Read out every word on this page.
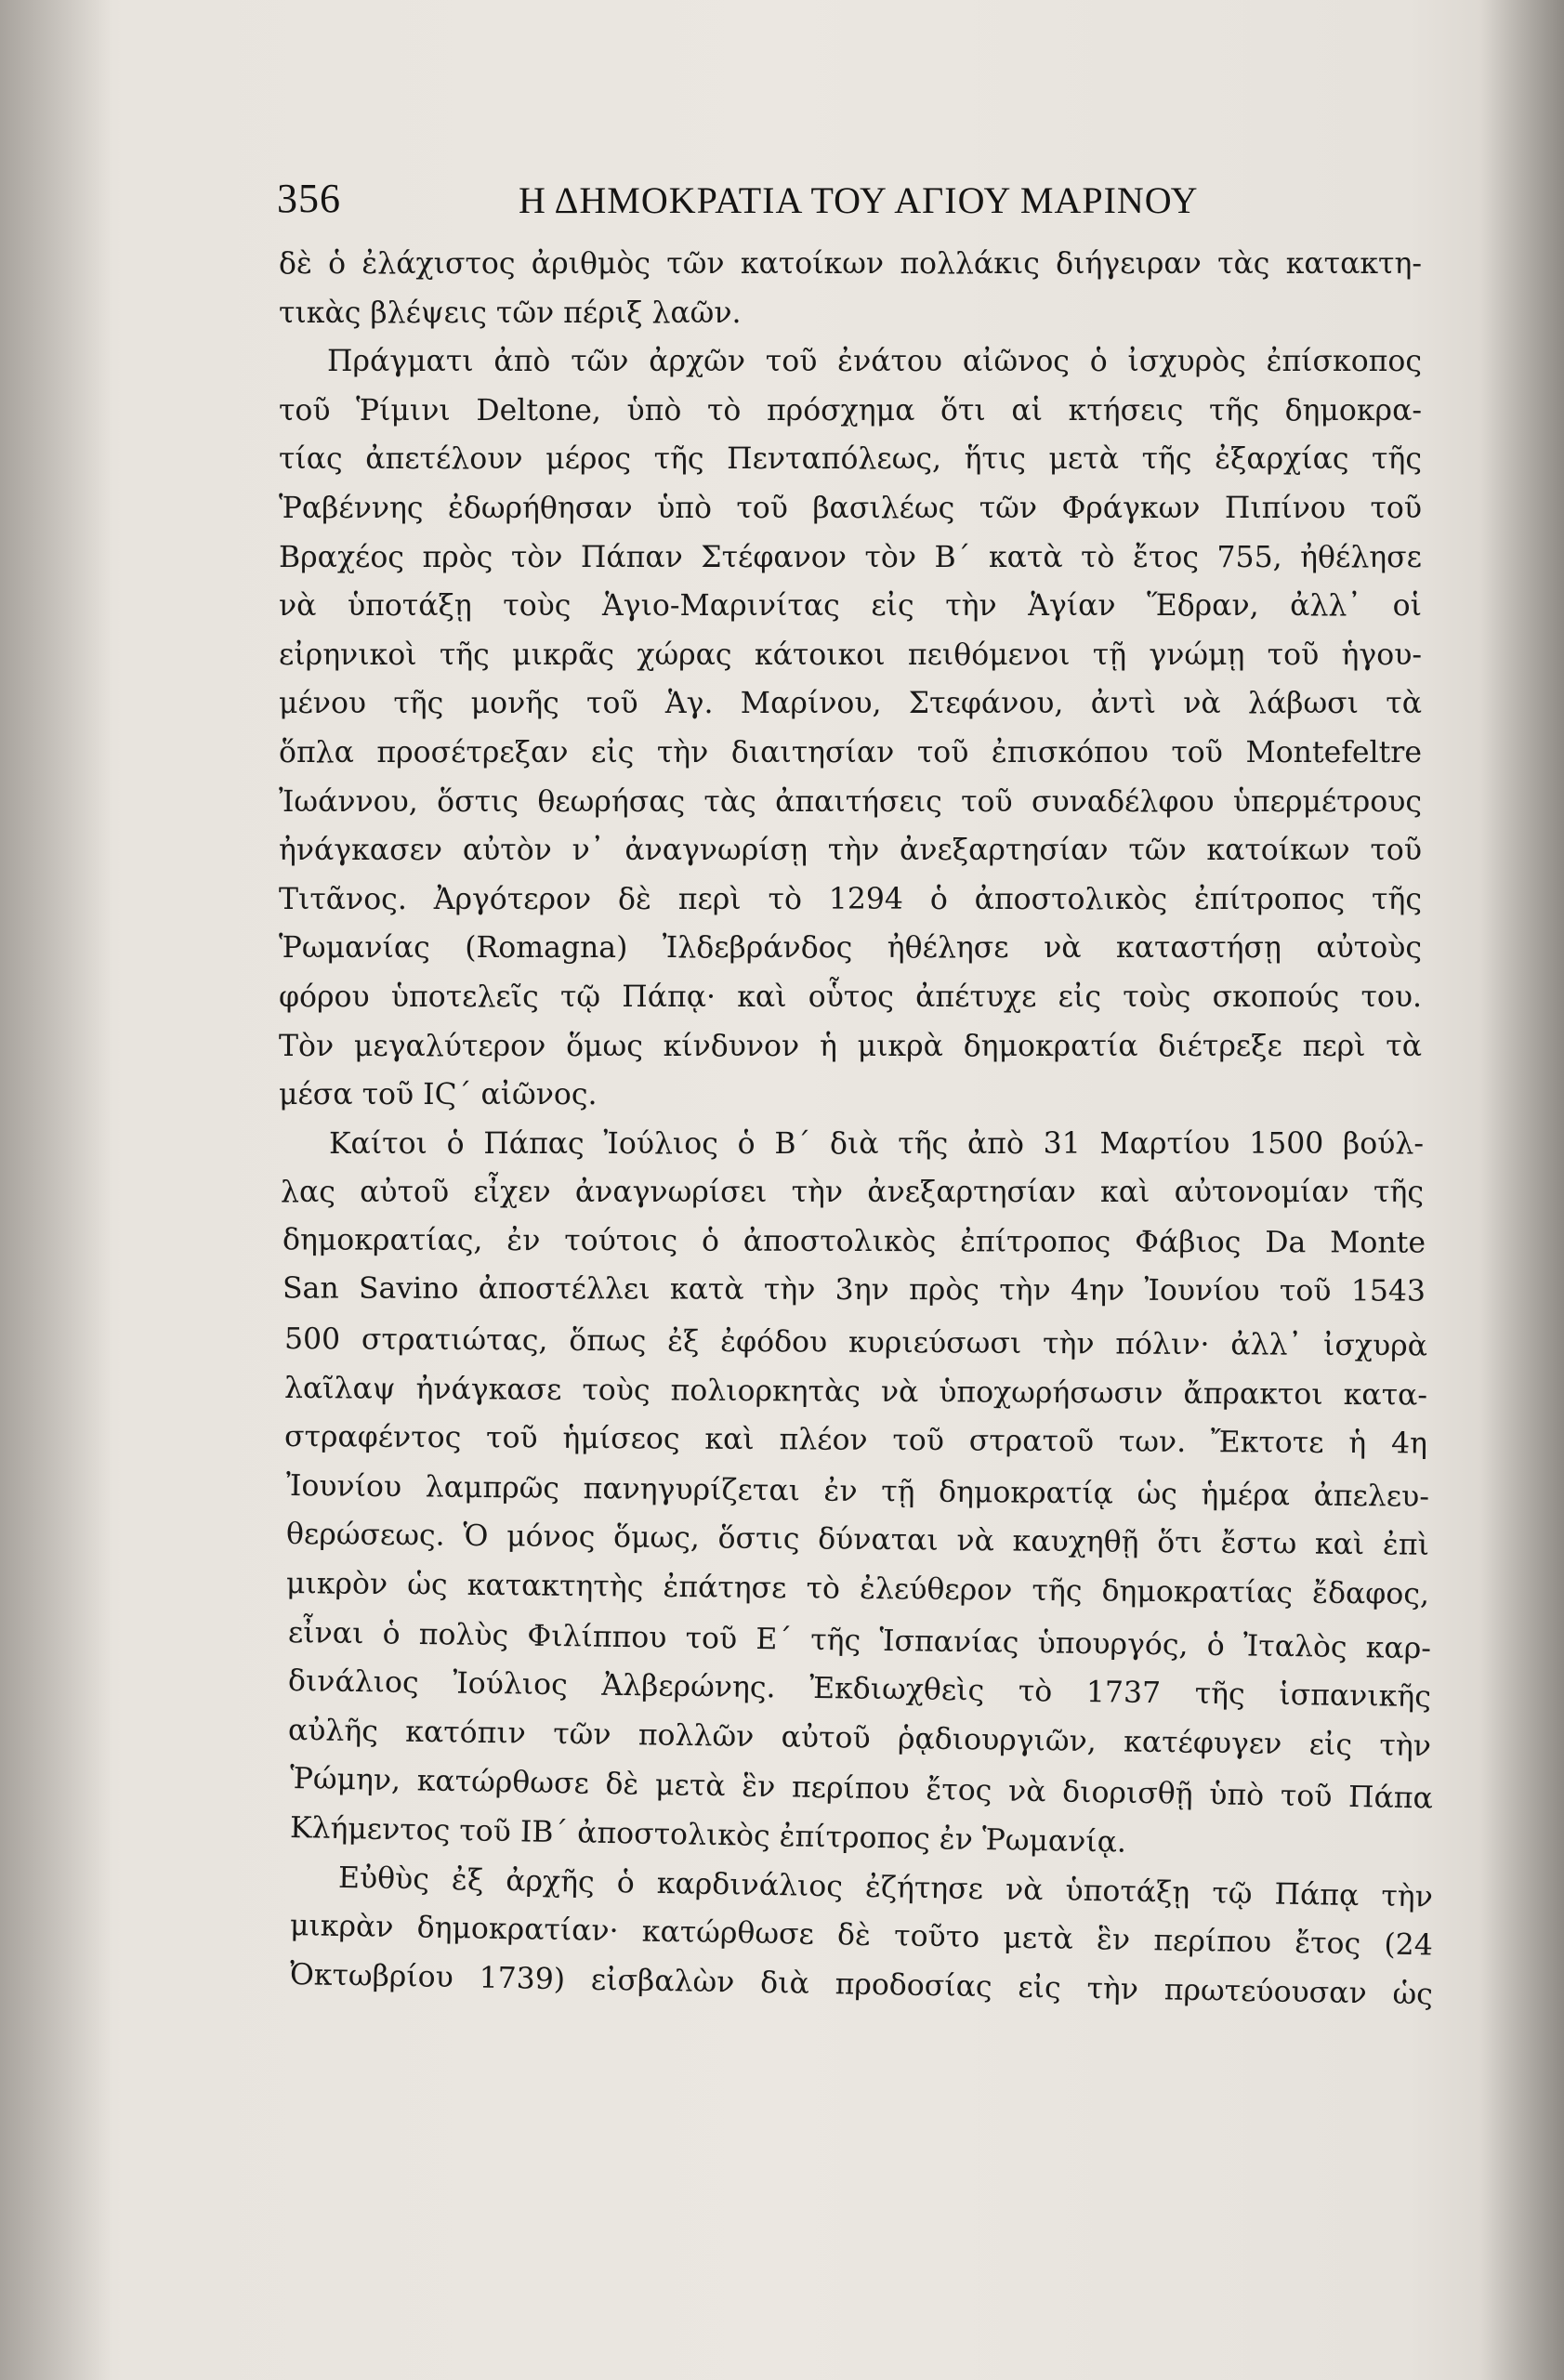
356	Η ΔΗΜΟΚΡΑΤΙΑ ΤΟΥ ΑΓΙΟΥ ΜΑΡΙΝΟΥ
δὲ ὁ ἐλάχιστος ἀριθμὸς τῶν κατοίκων πολλάκις διήγειραν τὰς κατακτη-
τικὰς βλέψεις τῶν πέριξ λαῶν.
Πράγματι ἀπὸ τῶν ἀρχῶν τοῦ ἐνάτου αἰῶνος ὁ ἰσχυρὸς ἐπίσκοπος
τοῦ Ῥίμινι Deltone, ὑπὸ τὸ πρόσχημα ὅτι αἱ κτήσεις τῆς δημοκρα-
τίας ἀπετέλουν μέρος τῆς Πενταπόλεως, ἥτις μετὰ τῆς ἐξαρχίας τῆς
Ῥαβέννης ἐδωρήθησαν ὑπὸ τοῦ βασιλέως τῶν Φράγκων Πιπίνου τοῦ
Βραχέος πρὸς τὸν Πάπαν Στέφανον τὸν Β΄ κατὰ τὸ ἔτος 755, ἠθέλησε
νὰ ὑποτάξῃ τοὺς Ἁγιο-Μαρινίτας εἰς τὴν Ἁγίαν Ἕδραν, ἀλλ᾽ οἱ
εἰρηνικοὶ τῆς μικρᾶς χώρας κάτοικοι πειθόμενοι τῇ γνώμῃ τοῦ ἡγου-
μένου τῆς μονῆς τοῦ Ἁγ. Μαρίνου, Στεφάνου, ἀντὶ νὰ λάβωσι τὰ
ὅπλα προσέτρεξαν εἰς τὴν διαιτησίαν τοῦ ἐπισκόπου τοῦ Montefeltre
Ἰωάννου, ὅστις θεωρήσας τὰς ἀπαιτήσεις τοῦ συναδέλφου ὑπερμέτρους
ἠνάγκασεν αὐτὸν ν᾽ ἀναγνωρίσῃ τὴν ἀνεξαρτησίαν τῶν κατοίκων τοῦ
Τιτᾶνος. Ἀργότερον δὲ περὶ τὸ 1294 ὁ ἀποστολικὸς ἐπίτροπος τῆς
Ῥωμανίας (Romagna) Ἰλδεβράνδος ἠθέλησε νὰ καταστήσῃ αὐτοὺς
φόρου ὑποτελεῖς τῷ Πάπᾳ· καὶ οὗτος ἀπέτυχε εἰς τοὺς σκοπούς του.
Τὸν μεγαλύτερον ὅμως κίνδυνον ἡ μικρὰ δημοκρατία διέτρεξε περὶ τὰ
μέσα τοῦ ΙϚ΄ αἰῶνος.
Καίτοι ὁ Πάπας Ἰούλιος ὁ Β΄ διὰ τῆς ἀπὸ 31 Μαρτίου 1500 βούλ-
λας αὐτοῦ εἶχεν ἀναγνωρίσει τὴν ἀνεξαρτησίαν καὶ αὐτονομίαν τῆς
δημοκρατίας, ἐν τούτοις ὁ ἀποστολικὸς ἐπίτροπος Φάβιος Da Monte
San Savino ἀποστέλλει κατὰ τὴν 3ην πρὸς τὴν 4ην Ἰουνίου τοῦ 1543
500 στρατιώτας, ὅπως ἐξ ἐφόδου κυριεύσωσι τὴν πόλιν· ἀλλ᾽ ἰσχυρὰ
λαῖλαψ ἠνάγκασε τοὺς πολιορκητὰς νὰ ὑποχωρήσωσιν ἄπρακτοι κατα-
στραφέντος τοῦ ἡμίσεος καὶ πλέον τοῦ στρατοῦ των. Ἔκτοτε ἡ 4η
Ἰουνίου λαμπρῶς πανηγυρίζεται ἐν τῇ δημοκρατίᾳ ὡς ἡμέρα ἀπελευ-
θερώσεως. Ὁ μόνος ὅμως, ὅστις δύναται νὰ καυχηθῇ ὅτι ἔστω καὶ ἐπὶ
μικρὸν ὡς κατακτητὴς ἐπάτησε τὸ ἐλεύθερον τῆς δημοκρατίας ἔδαφος,
εἶναι ὁ πολὺς Φιλίππου τοῦ Ε΄ τῆς Ἱσπανίας ὑπουργός, ὁ Ἰταλὸς καρ-
δινάλιος Ἰούλιος Ἀλβερώνης. Ἐκδιωχθεὶς τὸ 1737 τῆς ἱσπανικῆς
αὐλῆς κατόπιν τῶν πολλῶν αὐτοῦ ῥᾳδιουργιῶν, κατέφυγεν εἰς τὴν
Ῥώμην, κατώρθωσε δὲ μετὰ ἓν περίπου ἔτος νὰ διορισθῇ ὑπὸ τοῦ Πάπα
Κλήμεντος τοῦ ΙΒ΄ ἀποστολικὸς ἐπίτροπος ἐν Ῥωμανίᾳ.
Εὐθὺς ἐξ ἀρχῆς ὁ καρδινάλιος ἐζήτησε νὰ ὑποτάξῃ τῷ Πάπᾳ τὴν
μικρὰν δημοκρατίαν· κατώρθωσε δὲ τοῦτο μετὰ ἓν περίπου ἔτος (24
Ὀκτωβρίου 1739) εἰσβαλὼν διὰ προδοσίας εἰς τὴν πρωτεύουσαν ὡς
